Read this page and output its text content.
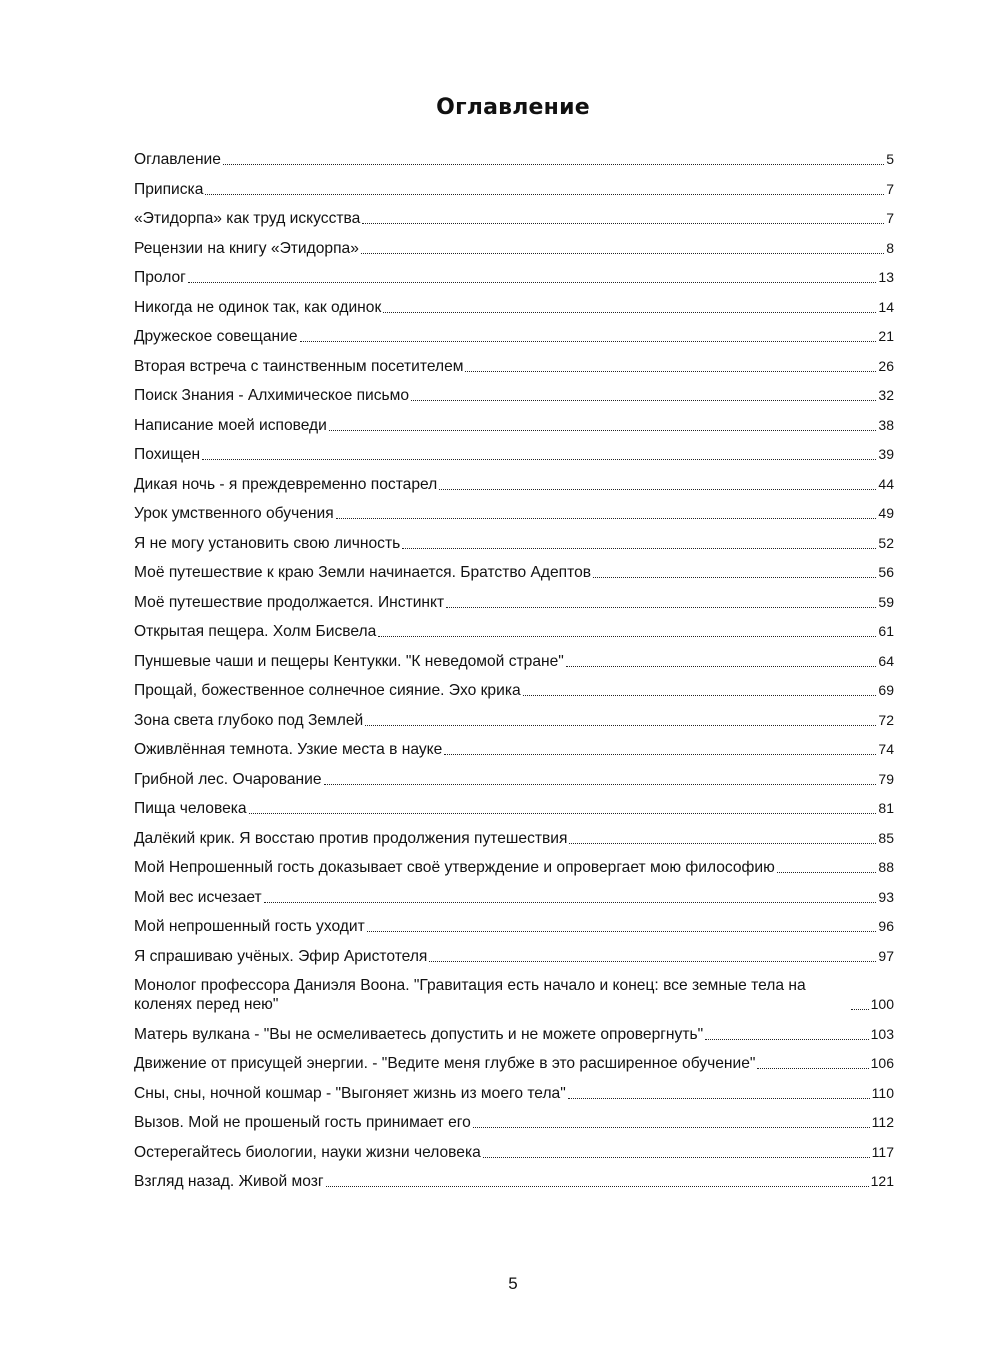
Оглавление
Оглавление	5
Приписка	7
«Этидорпа» как труд искусства	7
Рецензии на книгу «Этидорпа»	8
Пролог	13
Никогда не одинок так, как одинок	14
Дружеское совещание	21
Вторая встреча с таинственным посетителем	26
Поиск Знания - Алхимическое письмо	32
Написание моей исповеди	38
Похищен	39
Дикая ночь - я преждевременно постарел	44
Урок умственного обучения	49
Я не могу установить свою личность	52
Моё путешествие к краю Земли начинается. Братство Адептов	56
Моё путешествие продолжается. Инстинкт	59
Открытая пещера. Холм Бисвела	61
Пуншевые чаши и пещеры Кентукки. "К неведомой стране"	64
Прощай, божественное солнечное сияние. Эхо крика	69
Зона света глубоко под Землей	72
Оживлённая темнота. Узкие места в науке	74
Грибной лес. Очарование	79
Пища человека	81
Далёкий крик. Я восстаю против продолжения путешествия	85
Мой Непрошенный гость доказывает своё утверждение и опровергает мою философию	88
Мой вес исчезает	93
Мой непрошенный гость уходит	96
Я спрашиваю учёных. Эфир Аристотеля	97
Монолог профессора Даниэля Воона. "Гравитация есть начало и конец: все земные тела на коленях перед нею"	100
Матерь вулкана - "Вы не осмеливаетесь допустить и не можете опровергнуть"	103
Движение от присущей энергии. - "Ведите меня глубже в это расширенное обучение"	106
Сны, сны, ночной кошмар - "Выгоняет жизнь из моего тела"	110
Вызов. Мой не прошеный гость принимает его	112
Остерегайтесь биологии, науки жизни человека	117
Взгляд назад. Живой мозг	121
5
